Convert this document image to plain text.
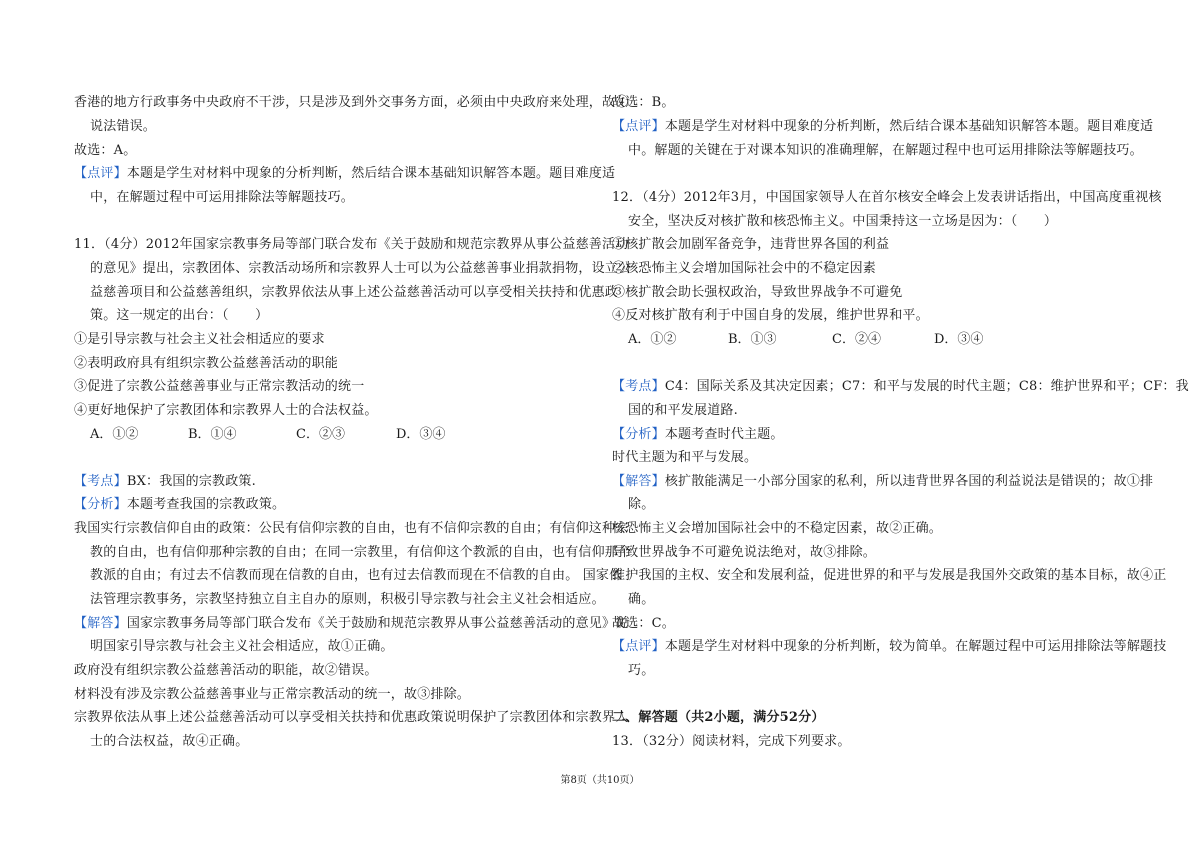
香港的地方行政事务中央政府不干涉，只是涉及到外交事务方面，必须由中央政府来处理，故④
说法错误。
故选：A。
【点评】本题是学生对材料中现象的分析判断，然后结合课本基础知识解答本题。题目难度适
中，在解题过程中可运用排除法等解题技巧。
11．（4分）2012年国家宗教事务局等部门联合发布《关于鼓励和规范宗教界从事公益慈善活动
的意见》提出，宗教团体、宗教活动场所和宗教界人士可以为公益慈善事业捐款捐物，设立公
益慈善项目和公益慈善组织，宗教界依法从事上述公益慈善活动可以享受相关扶持和优惠政
策。这一规定的出台：（　　）
①是引导宗教与社会主义社会相适应的要求
②表明政府具有组织宗教公益慈善活动的职能
③促进了宗教公益慈善事业与正常宗教活动的统一
④更好地保护了宗教团体和宗教界人士的合法权益。
A．①②	B．①④	C．②③	D．③④
【考点】BX：我国的宗教政策.
【分析】本题考查我国的宗教政策。
我国实行宗教信仰自由的政策：公民有信仰宗教的自由，也有不信仰宗教的自由；有信仰这种宗
教的自由，也有信仰那种宗教的自由；在同一宗教里，有信仰这个教派的自由，也有信仰那个
教派的自由；有过去不信教而现在信教的自由，也有过去信教而现在不信教的自由。 国家依
法管理宗教事务，宗教坚持独立自主自办的原则，积极引导宗教与社会主义社会相适应。
【解答】国家宗教事务局等部门联合发布《关于鼓励和规范宗教界从事公益慈善活动的意见》说
明国家引导宗教与社会主义社会相适应，故①正确。
政府没有组织宗教公益慈善活动的职能，故②错误。
材料没有涉及宗教公益慈善事业与正常宗教活动的统一，故③排除。
宗教界依法从事上述公益慈善活动可以享受相关扶持和优惠政策说明保护了宗教团体和宗教界人
士的合法权益，故④正确。
故选：B。
【点评】本题是学生对材料中现象的分析判断，然后结合课本基础知识解答本题。题目难度适
中。解题的关键在于对课本知识的准确理解，在解题过程中也可运用排除法等解题技巧。
12．（4分）2012年3月，中国国家领导人在首尔核安全峰会上发表讲话指出，中国高度重视核
安全，坚决反对核扩散和核恐怖主义。中国秉持这一立场是因为：（　　）
①核扩散会加剧军备竞争，违背世界各国的利益
②核恐怖主义会增加国际社会中的不稳定因素
③核扩散会助长强权政治，导致世界战争不可避免
④反对核扩散有利于中国自身的发展，维护世界和平。
A．①②	B．①③	C．②④	D．③④
【考点】C4：国际关系及其决定因素；C7：和平与发展的时代主题；C8：维护世界和平；CF：我
国的和平发展道路.
【分析】本题考查时代主题。
时代主题为和平与发展。
【解答】核扩散能满足一小部分国家的私利，所以违背世界各国的利益说法是错误的；故①排
除。
核恐怖主义会增加国际社会中的不稳定因素，故②正确。
导致世界战争不可避免说法绝对，故③排除。
维护我国的主权、安全和发展利益，促进世界的和平与发展是我国外交政策的基本目标，故④正
确。
故选：C。
【点评】本题是学生对材料中现象的分析判断，较为简单。在解题过程中可运用排除法等解题技
巧。
二、解答题（共2小题，满分52分）
13．（32分）阅读材料，完成下列要求。
第8页（共10页）
